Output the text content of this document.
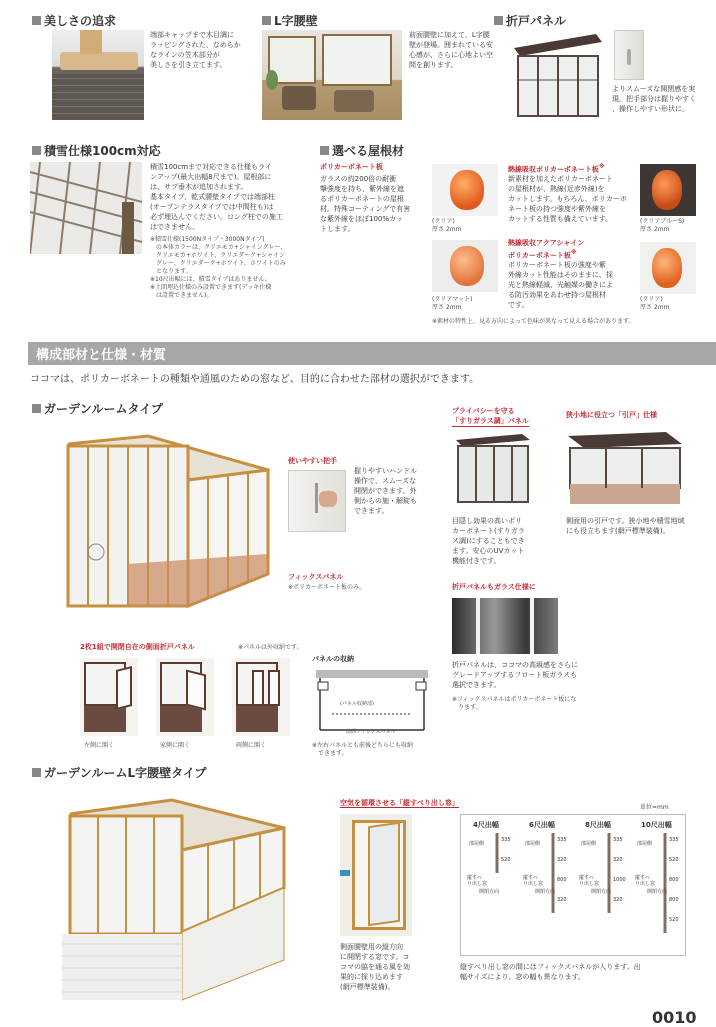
美しさの追求
端部キャップまで木目調に
ラッピングされた、なめらか
なラインの笠木部分が
美しさを引き立てます。
L字腰壁
前面腰壁に加えて、L字腰
壁が登場。囲まれている安
心感が、さらに心地よい空
間を創ります。
折戸パネル
よりスムーズな開閉感を実
現。把手部分は握りやすく
、操作しやすい形状に。
積雪仕様100cm対応
積雪100cmまで対応できる仕様もライ
ンアップ(最大出幅8尺まで)。屋根部に
は、サブ垂木が追加されます。
基本タイプ、乾式腰壁タイプでは端部柱
(オープンテラスタイプでは中間柱も)は
必ず埋込んでください。ロング柱での施工
はできません。
※積雪仕様(1500Nタイプ・3000Nタイプ)
　の本体カラーは、クリエモカ+シャイングレー、
　クリエモカ+ホワイト、クリエダーク+シャイン
　グレー、クリエダーク+ホワイト、ホワイトのみ
　となります。
※10尺出幅には、積雪タイプはありません。
※土間埋込仕様のみ設置できます(デッキ仕様
　は設置できません)。
選べる屋根材
ポリカーボネート板
ガラスの約200倍の耐衝
撃強度を持ち、紫外線を遮
るポリカーボネートの屋根
材。特殊コーティングで有害
な紫外線をほぼ100%カッ
トします。
(クリア)
厚さ 2mm
(クリアマット)
厚さ 2mm
熱線吸収ポリカーボネート板※
新素材を加えたポリカーボネート
の屋根材が、熱線(近赤外線)を
カットします。もちろん、ポリカーボ
ネート板の持つ強度や紫外線を
カットする性質も備えています。	(クリアブルーS)
厚さ 2mm
熱線吸収アクアシャイン
ポリカーボネート板※
ポリカーボネート板の強度や紫
外線カット性能はそのままに、採
光と熱線軽減、光触媒の働きによ
る防汚効果をあわせ持つ屋根材
です。
(クリア)
厚さ 2mm
※素材の特性上、見る方向によって色味が異なって見える場合があります。
構成部材と仕様・材質
ココマは、ポリカーボネートの種類や通風のための窓など、目的に合わせた部材の選択ができます。
ガーデンルームタイプ
使いやすい把手
握りやすいハンドル
操作で、スムーズな
開閉ができます。外
側からの施・解錠も
できます。
フィックスパネル
※ポリカーボネート板のみ。
プライバシーを守る
「すりガラス調」パネル
目隠し効果の高いポリ
カーボネート(すりガラ
ス調)にすることもでき
ます。安心のUVカット
機能付きです。
狭小地に役立つ「引戸」仕様
側面用の引戸です。狭小地や積雪地域
にも役立ちます(網戸標準装備)。
折戸パネルもガラス仕様に
折戸パネルは、ココマの高級感をさらに
グレードアップするフロート板ガラスも
選択できます。
※フィックスパネルはポリカーボネート板にな
　ります。
2枚1組で開閉自在の側面折戸パネル	※パネルは外収納です。
左側に開く	家側に開く	両側に開く
パネルの収納
(パネル収納部)
前面フィックスパネル
※左右パネルとも前後どちらにも収納
　できます。
ガーデンルームL字腰壁タイプ
空気を循環させる「縦すべり出し窓」
側面腰壁用の縦方向
に開閉する窓です。コ
コマの脇を通る風を効
果的に採り込めます
(網戸標準装備)。
単位=mm
4尺出幅
部屋側
335
520
縦すべ
り出し窓
開閉方向
6尺出幅
部屋側
335
320
800
320
縦すべ
り出し窓
開閉方向
8尺出幅
部屋側
335
320
1000
320
縦すべ
り出し窓
開閉方向
10尺出幅
部屋側
335
520
800
800
520
縦すべ
り出し窓
開閉方向
縦すべり出し窓の間にはフィックスパネルが入ります。出
幅サイズにより、窓の幅も異なります。
0010
